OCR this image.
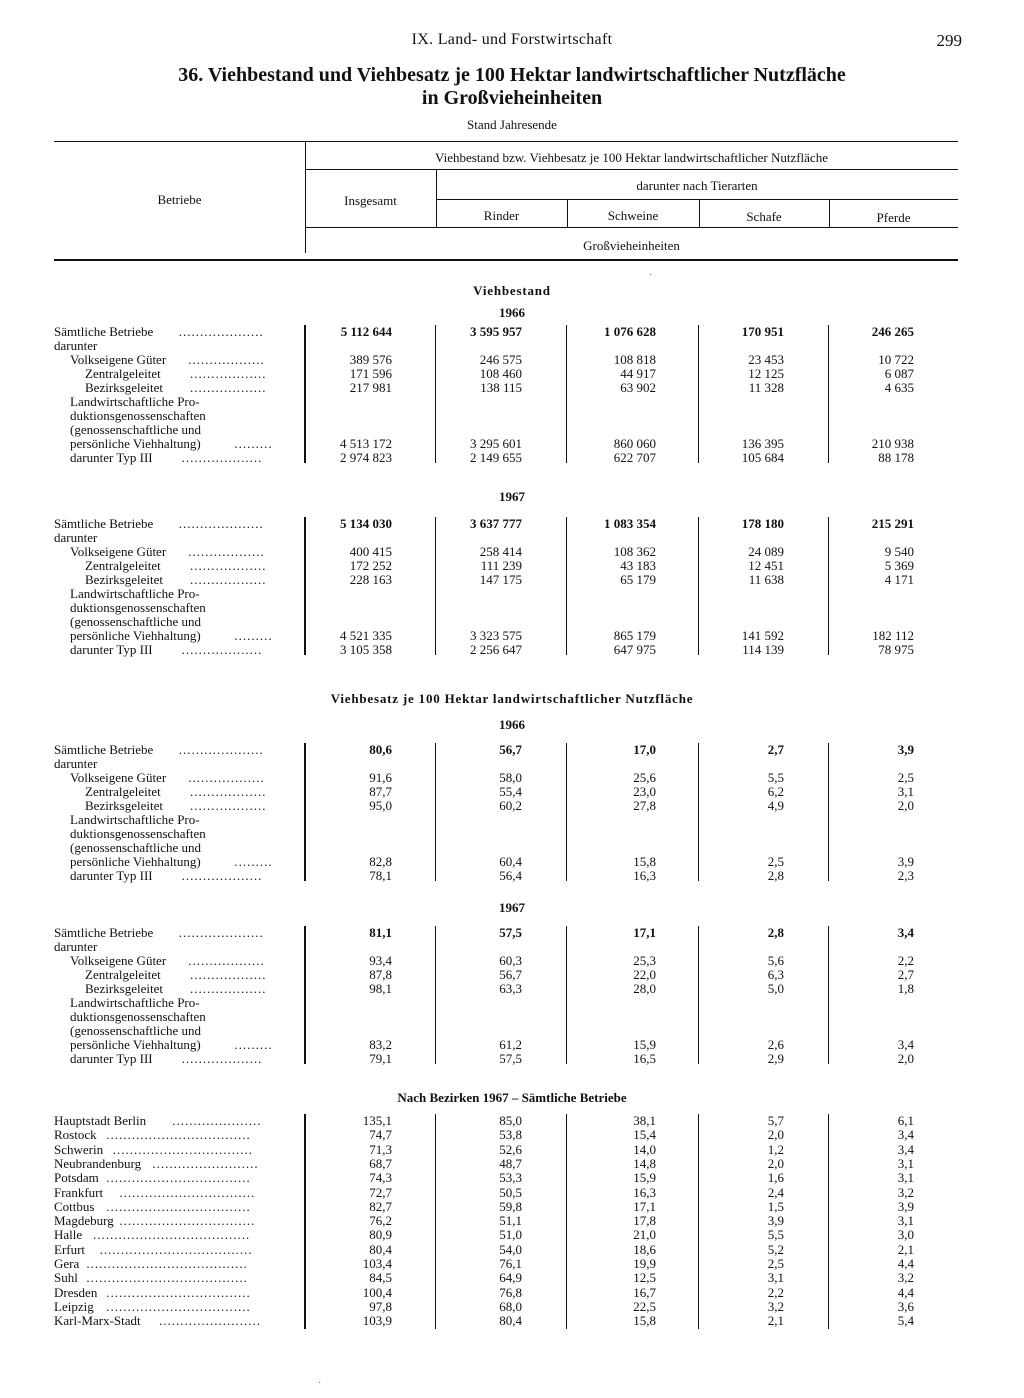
IX. Land- und Forstwirtschaft	299
36. Viehbestand und Viehbesatz je 100 Hektar landwirtschaftlicher Nutzfläche
in Großvieheinheiten
Stand Jahresende
Betriebe
Viehbestand bzw. Viehbesatz je 100 Hektar landwirtschaftlicher Nutzfläche
Insgesamt
darunter nach Tierarten
Rinder	Schweine	Schafe	Pferde
Großvieheinheiten
Viehbestand
1966
Sämtliche Betriebe ....................	5 112 644	3 595 957	1 076 628	170 951	246 265
darunter
Volkseigene Güter ..................	389 576	246 575	108 818	23 453	10 722
Zentralgeleitet ..................	171 596	108 460	44 917	12 125	6 087
Bezirksgeleitet ..................	217 981	138 115	63 902	11 328	4 635
Landwirtschaftliche Pro-
duktionsgenossenschaften
(genossenschaftliche und
persönliche Viehhaltung)	.........	4 513 172	3 295 601	860 060	136 395	210 938
darunter Typ III ...................	2 974 823	2 149 655	622 707	105 684	88 178
1967
Sämtliche Betriebe ....................	5 134 030	3 637 777	1 083 354	178 180	215 291
darunter
Volkseigene Güter ..................	400 415	258 414	108 362	24 089	9 540
Zentralgeleitet ..................	172 252	111 239	43 183	12 451	5 369
Bezirksgeleitet ..................	228 163	147 175	65 179	11 638	4 171
Landwirtschaftliche Pro-
duktionsgenossenschaften
(genossenschaftliche und
persönliche Viehhaltung)	.........	4 521 335	3 323 575	865 179	141 592	182 112
darunter Typ III ...................	3 105 358	2 256 647	647 975	114 139	78 975
Viehbesatz je 100 Hektar landwirtschaftlicher Nutzfläche
1966
Sämtliche Betriebe ....................	80,6	56,7	17,0	2,7	3,9
darunter
Volkseigene Güter ..................	91,6	58,0	25,6	5,5	2,5
Zentralgeleitet ..................	87,7	55,4	23,0	6,2	3,1
Bezirksgeleitet ..................	95,0	60,2	27,8	4,9	2,0
Landwirtschaftliche Pro-
duktionsgenossenschaften
(genossenschaftliche und
persönliche Viehhaltung)	.........	82,8	60,4	15,8	2,5	3,9
darunter Typ III ...................	78,1	56,4	16,3	2,8	2,3
1967
Sämtliche Betriebe ....................	81,1	57,5	17,1	2,8	3,4
darunter
Volkseigene Güter ..................	93,4	60,3	25,3	5,6	2,2
Zentralgeleitet ..................	87,8	56,7	22,0	6,3	2,7
Bezirksgeleitet ..................	98,1	63,3	28,0	5,0	1,8
Landwirtschaftliche Pro-
duktionsgenossenschaften
(genossenschaftliche und
persönliche Viehhaltung)	.........	83,2	61,2	15,9	2,6	3,4
darunter Typ III ...................	79,1	57,5	16,5	2,9	2,0
Nach Bezirken 1967 – Sämtliche Betriebe
Hauptstadt Berlin .....................	135,1	85,0	38,1	5,7	6,1
Rostock ..................................	74,7	53,8	15,4	2,0	3,4
Schwerin .................................	71,3	52,6	14,0	1,2	3,4
Neubrandenburg .........................	68,7	48,7	14,8	2,0	3,1
Potsdam ..................................	74,3	53,3	15,9	1,6	3,1
Frankfurt ................................	72,7	50,5	16,3	2,4	3,2
Cottbus ..................................	82,7	59,8	17,1	1,5	3,9
Magdeburg ................................	76,2	51,1	17,8	3,9	3,1
Halle .....................................	80,9	51,0	21,0	5,5	3,0
Erfurt ....................................	80,4	54,0	18,6	5,2	2,1
Gera ......................................	103,4	76,1	19,9	2,5	4,4
Suhl ......................................	84,5	64,9	12,5	3,1	3,2
Dresden ..................................	100,4	76,8	16,7	2,2	4,4
Leipzig ..................................	97,8	68,0	22,5	3,2	3,6
Karl-Marx-Stadt ........................	103,9	80,4	15,8	2,1	5,4
·
·
